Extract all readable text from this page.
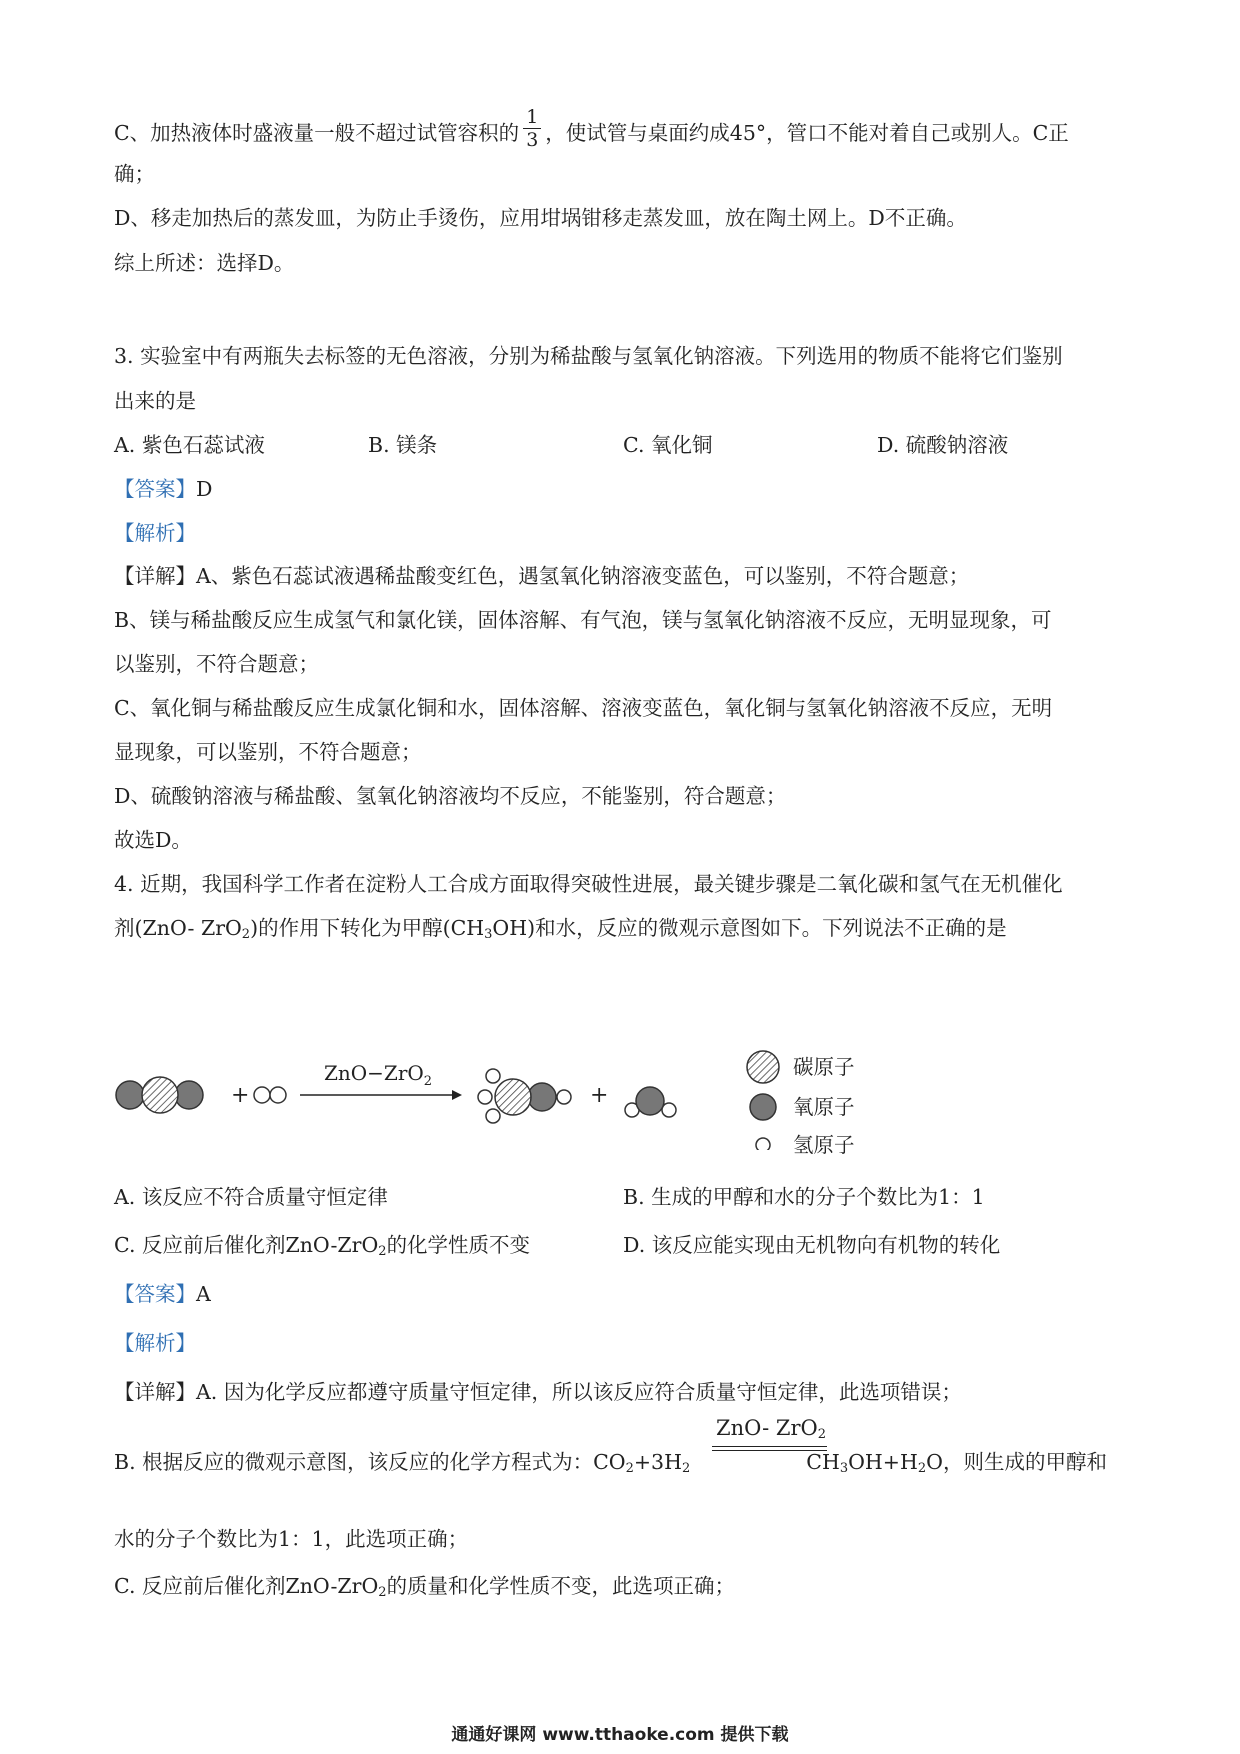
C、加热液体时盛液量一般不超过试管容积的 $\frac{1}{3}$ ，使试管与桌面约成45°，管口不能对着自己或别人。C正
确；
D、移走加热后的蒸发皿，为防止手烫伤，应用坩埚钳移走蒸发皿，放在陶土网上。D不正确。
综上所述：选择D。
3. 实验室中有两瓶失去标签的无色溶液，分别为稀盐酸与氢氧化钠溶液。下列选用的物质不能将它们鉴别
出来的是
A. 紫色石蕊试液	B. 镁条	C. 氧化铜	D. 硫酸钠溶液
【答案】D
【解析】
【详解】A、紫色石蕊试液遇稀盐酸变红色，遇氢氧化钠溶液变蓝色，可以鉴别，不符合题意；
B、镁与稀盐酸反应生成氢气和氯化镁，固体溶解、有气泡，镁与氢氧化钠溶液不反应，无明显现象，可
以鉴别，不符合题意；
C、氧化铜与稀盐酸反应生成氯化铜和水，固体溶解、溶液变蓝色，氧化铜与氢氧化钠溶液不反应，无明
显现象，可以鉴别，不符合题意；
D、硫酸钠溶液与稀盐酸、氢氧化钠溶液均不反应，不能鉴别，符合题意；
故选D。
4. 近期，我国科学工作者在淀粉人工合成方面取得突破性进展，最关键步骤是二氧化碳和氢气在无机催化
剂(ZnO- ZrO$_2$)的作用下转化为甲醇$(CH_3OH)$和水，反应的微观示意图如下。下列说法不正确的是
+
ZnO−ZrO$_2$
+
碳原子
氧原子
氢原子
A. 该反应不符合质量守恒定律	B. 生成的甲醇和水的分子个数比为1：1
C. 反应前后催化剂ZnO-ZrO$_2$的化学性质不变	D. 该反应能实现由无机物向有机物的转化
【答案】A
【解析】
【详解】A. 因为化学反应都遵守质量守恒定律，所以该反应符合质量守恒定律，此选项错误；
ZnO- ZrO$_2$
B. 根据反应的微观示意图，该反应的化学方程式为：$CO_2+3H_2$	$CH_3OH+H_2O$，则生成的甲醇和
水的分子个数比为1：1，此选项正确；
C. 反应前后催化剂ZnO-ZrO$_2$的质量和化学性质不变，此选项正确；
通通好课网 www.tthaoke.com 提供下载
